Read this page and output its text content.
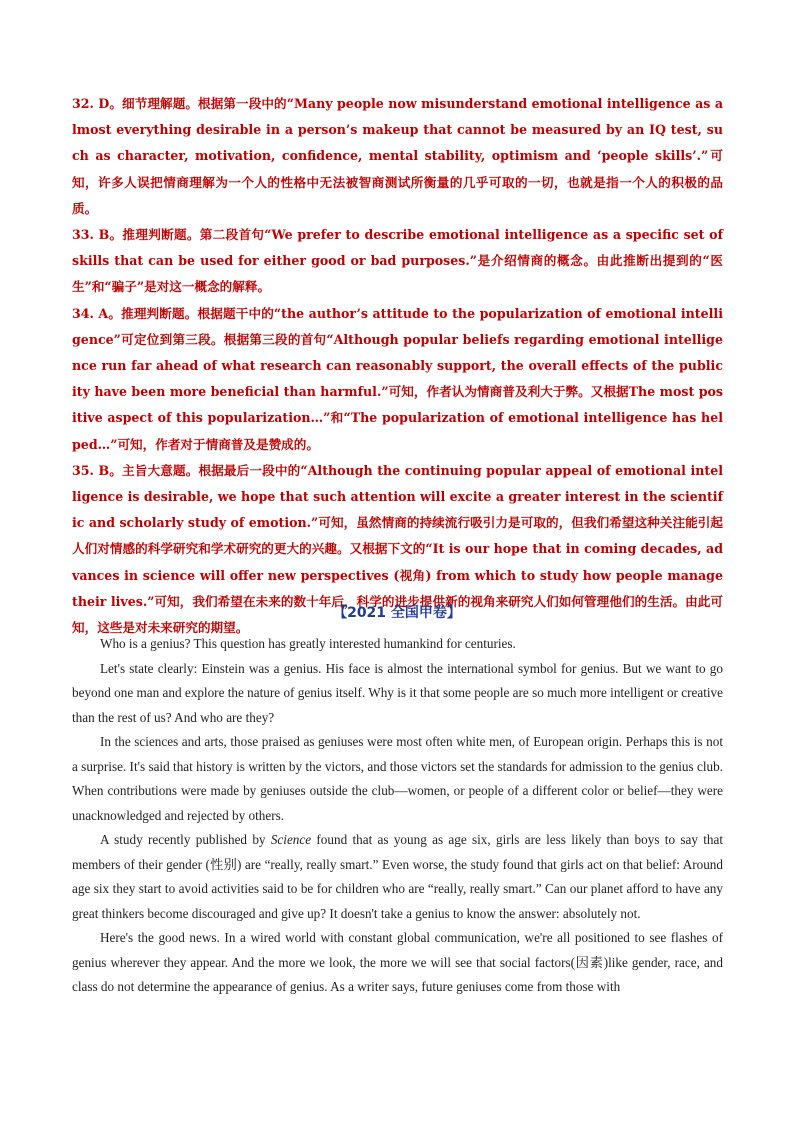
32. D。细节理解题。根据第一段中的“Many people now misunderstand emotional intelligence as almost everything desirable in a person’s makeup that cannot be measured by an IQ test, such as character, motivation, confidence, mental stability, optimism and ‘people skills’.”可知，许多人误把情商理解为一个人的性格中无法被智商测试所衡量的几乎可取的一切，也就是指一个人的积极的品质。

33. B。推理判断题。第二段首句“We prefer to describe emotional intelligence as a specific set of skills that can be used for either good or bad purposes.”是介绍情商的概念。由此推断出提到的“医生”和“骗子”是对这一概念的解释。

34. A。推理判断题。根据题干中的“the author’s attitude to the popularization of emotional intelligence”可定位到第三段。根据第三段的首句“Although popular beliefs regarding emotional intelligence run far ahead of what research can reasonably support, the overall effects of the publicity have been more beneficial than harmful.”可知，作者认为情商普及利大于弊。又根据The most positive aspect of this popularization…”和“The popularization of emotional intelligence has helped…”可知，作者对于情商普及是赞成的。

35. B。主旨大意题。根据最后一段中的“Although the continuing popular appeal of emotional intelligence is desirable, we hope that such attention will excite a greater interest in the scientific and scholarly study of emotion.”可知，虽然情商的持续流行吸引力是可取的，但我们希望这种关注能引起人们对情感的科学研究和学术研究的更大的兴趣。又根据下文的“It is our hope that in coming decades, advances in science will offer new perspectives (视角) from which to study how people manage their lives.”可知，我们希望在未来的数十年后，科学的进步提供新的视角来研究人们如何管理他们的生活。由此可知，这些是对未来研究的期望。

【2021 全国甲卷】

Who is a genius? This question has greatly interested humankind for centuries.

Let's state clearly: Einstein was a genius. His face is almost the international symbol for genius. But we want to go beyond one man and explore the nature of genius itself. Why is it that some people are so much more intelligent or creative than the rest of us? And who are they?

In the sciences and arts, those praised as geniuses were most often white men, of European origin. Perhaps this is not a surprise. It's said that history is written by the victors, and those victors set the standards for admission to the genius club. When contributions were made by geniuses outside the club—women, or people of a different color or belief—they were unacknowledged and rejected by others.

A study recently published by Science found that as young as age six, girls are less likely than boys to say that members of their gender (性别) are “really, really smart.” Even worse, the study found that girls act on that belief: Around age six they start to avoid activities said to be for children who are “really, really smart.” Can our planet afford to have any great thinkers become discouraged and give up? It doesn't take a genius to know the answer: absolutely not.

Here's the good news. In a wired world with constant global communication, we're all positioned to see flashes of genius wherever they appear. And the more we look, the more we will see that social factors(因素)like gender, race, and class do not determine the appearance of genius. As a writer says, future geniuses come from those with
